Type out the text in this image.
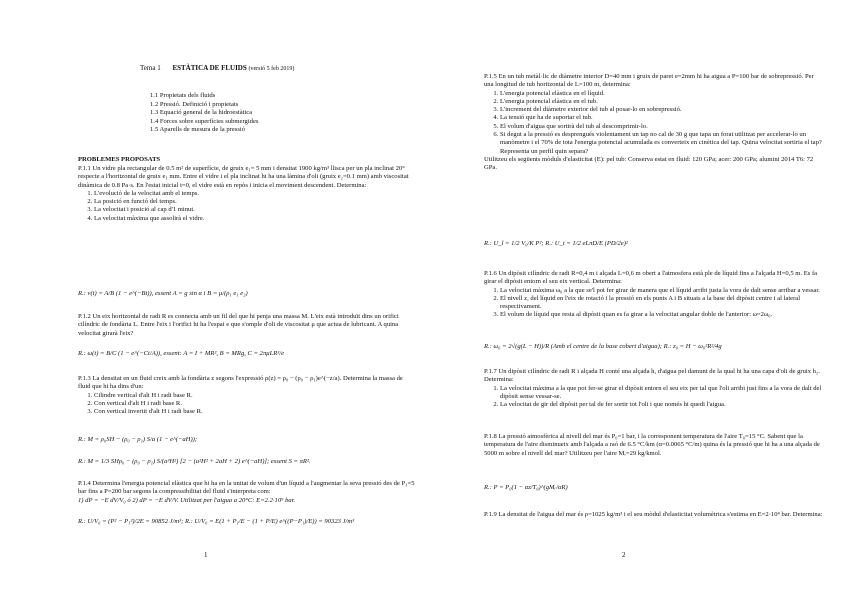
Tema 1 ESTÀTICA DE FLUIDS (versió 5 feb 2019)
1.1 Propietats dels fluids
1.2 Pressió. Definició i propietats
1.3 Equació general de la hidroestàtica
1.4 Forces sobre superfícies submergides
1.5 Aparells de mesura de la pressió
PROBLEMES PROPOSATS

P.1.1 Un vidre pla rectangular de 0.5 m² de superfície, de gruix e₁= 5 mm i densitat 1900 kg/m³ llisca per un pla inclinat 20° respecte a l'horitzontal de gruix e₁ mm. Entre el vidre i el pla inclinat hi ha una làmina d'oli (gruix e₂=0.1 mm) amb viscositat dinàmica de 0.8 Pa·s. En l'estat inicial t=0, el vidre està en repòs i inicia el moviment descendent. Determina:

1. L'evolució de la velocitat amb el temps.
2. La posició en funció del temps.
3. La velocitat i posició al cap d'1 minut.
4. La velocitat màxima que assolirà el vidre.
R.: v(t) = A/B (1 − e^(−Bt)), essent A = g sin α i B = μ/(ρ₁ e₁ e₂)

P.1.2 Un eix horitzontal de radi R es connecta amb un fil del que hi penja una massa M. L'eix està introduït dins un orifici cilíndric de fondària L. Entre l'eix i l'orifici hi ha l'espai e que s'omple d'oli de viscositat μ que actua de lubricant. A quina velocitat girarà l'eix?

R.: ω(t) = B/C (1 − e^(−Ct/A)), essent: A = I + MR², B = MRg, C = 2πμLR³/e

P.1.3 La densitat en un fluid creix amb la fondària z segons l'expressió ρ(z) = ρ₀ − (ρ₀ − ρ₁)e^(−z/a). Determina la massa de fluid que hi ha dins d'un:

1. Cilindre vertical d'alt H i radi base R.
2. Con vertical d'alt H i radi base R.
3. Con vertical invertit d'alt H i radi base R.
R.: M = ρ₀SH − (ρ₀ − ρ₁) S/a (1 − e^(−aH));
R.: M = 1/3 SHρ₀ − (ρ₀ − ρ₁) S/(a³H²) [2 − (a²H² + 2aH + 2) e^(−aH)]; essent S = πR².

P.1.4 Determina l'energia potencial elàstica que hi ha en la unitat de volum d'un líquid a l'augmentar la seva pressió des de P₁=5 bar fins a P=200 bar segons la compressibilitat del fluid s'interpreta com:

1) dP = −E dV/V₀ ó 2) dP = −E dV/V. Utilitzat per l'aigua a 20°C: E=2.2·10⁹ bar.

R.: U/V₀ = (P² − P₁²)/2E = 90852 J/m³; R.: U/V₀ = E(1 + P₁/E − (1 + P/E) e^((P−P₁)/E)) = 90323 J/m³
1

P.1.5 En un tub metàl·lic de diàmetre interior D=40 mm i gruix de paret e=2mm hi ha aigua a P=100 bar de sobrepressió. Per una longitud de tub horitzontal de L=100 m, determina:

1. L'energia potencial elàstica en el líquid.
2. L'energia potencial elàstica en el tub.
3. L'increment del diàmetre exterior del tub al posar-lo en sobrepressió.
4. La tensió que ha de suportar el tub.
5. El volum d'aigua que sortirà del tub al descomprimir-lo.
6. Si degut a la pressió es desprengués violentament un tap no cal de 30 g que tapa un forat utilitzat per accelerar-lo un manòmetre i el 70% de tota l'energia potencial acumulada es converteix en cinètica del tap. Quina velocitat sortiria el tap? Representa un perfil quin separa?

Utilitzeu els següents mòduls d'elasticitat (E): pel tub: Conserva estat en fluid: 120 GPa; acer: 200 GPa; alumini 2014 T6: 72 GPa.

R.: U_l = 1/2 V₀/K P²; R.: U_t = 1/2 eLπD/E (PD/2e)²

P.1.6 Un dipòsit cilíndric de radi R=0,4 m i alçada L=0,6 m obert a l'atmosfera està ple de líquid fins a l'alçada H=0,5 m. Es fa girar el dipòsit entorn el seu eix vertical. Determina:

1. La velocitat màxima ω₀ a la que se'l pot fer girar de manera que el líquid arribi justa la vora de dalt sense arribar a vessar.
2. El nivell z, del líquid en l'eix de rotació i la pressió en els punts A i B situats a la base del dipòsit centre i al lateral respectivament.
3. El volum de líquid que resta al dipòsit quan es fa girar a la velocitat angular doble de l'anterior: ω=2ω₀.
R.: ω₀ = 2√(g(L − H))/R (Amb el centre de la base cobert d'aigua); R.: z₀ = H − ω₀²R²/4g

P.1.7 Un dipòsit cilíndric de radi R i alçada H conté una alçada h, d'aigua pel damunt de la qual hi ha una capa d'oli de gruix h₂. Determina:

1. La velocitat màxima a la que pot fer-se girar el dipòsit entorn el seu eix per tal que l'oli arribi just fins a la vora de dalt del dipòsit sense vessar-se.
2. La velocitat de gir del dipòsit per tal de fer sortir tot l'oli i que només hi quedi l'aigua.

P.1.8 La pressió atmosfèrica al nivell del mar és P₀=1 bar, i la corresponent temperatura de l'aire T₀=15 °C. Sabent que la temperatura de l'aire disminueix amb l'alçada a raó de 6.5 °C/km (α=0.0065 °C/m) quina és la pressió que hi ha a una alçada de 5000 m sobre el nivell del mar? Utilitzeu per l'aire Mᵣ=29 kg/kmol.

R.: P = P₀(1 − αz/T₀)^(gMᵣ/αR)

P.1.9 La densitat de l'aigua del mar és ρ=1025 kg/m³ i el seu mòdul d'elasticitat volumètrica s'estima en E=2·10⁴ bar. Determina:

2
